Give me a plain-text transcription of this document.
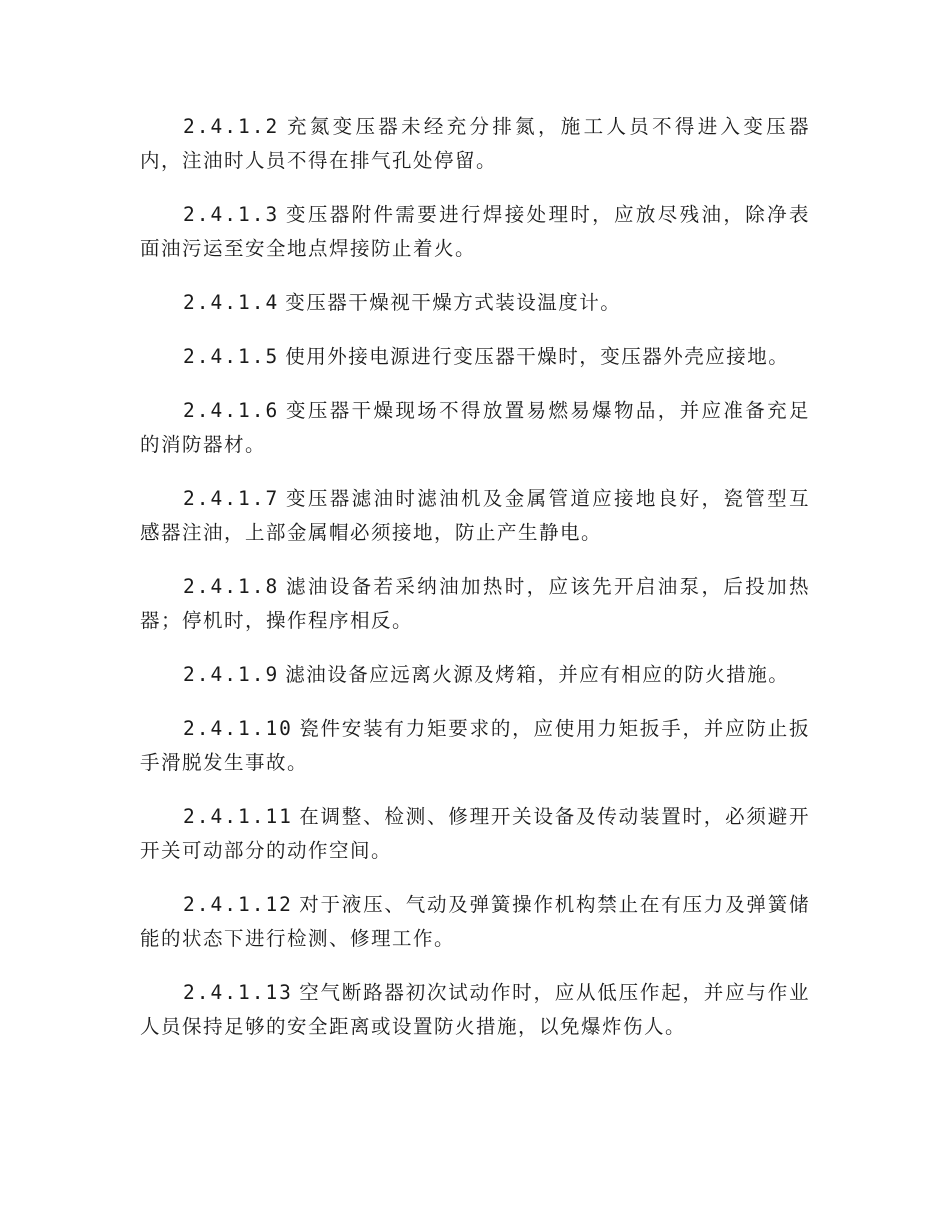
2.4.1.2 充氮变压器未经充分排氮，施工人员不得进入变压器内，注油时人员不得在排气孔处停留。

2.4.1.3 变压器附件需要进行焊接处理时，应放尽残油，除净表面油污运至安全地点焊接防止着火。

2.4.1.4 变压器干燥视干燥方式装设温度计。

2.4.1.5 使用外接电源进行变压器干燥时，变压器外壳应接地。

2.4.1.6 变压器干燥现场不得放置易燃易爆物品，并应准备充足的消防器材。

2.4.1.7 变压器滤油时滤油机及金属管道应接地良好，瓷管型互感器注油，上部金属帽必须接地，防止产生静电。

2.4.1.8 滤油设备若采纳油加热时，应该先开启油泵，后投加热器；停机时，操作程序相反。

2.4.1.9 滤油设备应远离火源及烤箱，并应有相应的防火措施。

2.4.1.10 瓷件安装有力矩要求的，应使用力矩扳手，并应防止扳手滑脱发生事故。

2.4.1.11 在调整、检测、修理开关设备及传动装置时，必须避开开关可动部分的动作空间。

2.4.1.12 对于液压、气动及弹簧操作机构禁止在有压力及弹簧储能的状态下进行检测、修理工作。

2.4.1.13 空气断路器初次试动作时，应从低压作起，并应与作业人员保持足够的安全距离或设置防火措施，以免爆炸伤人。
